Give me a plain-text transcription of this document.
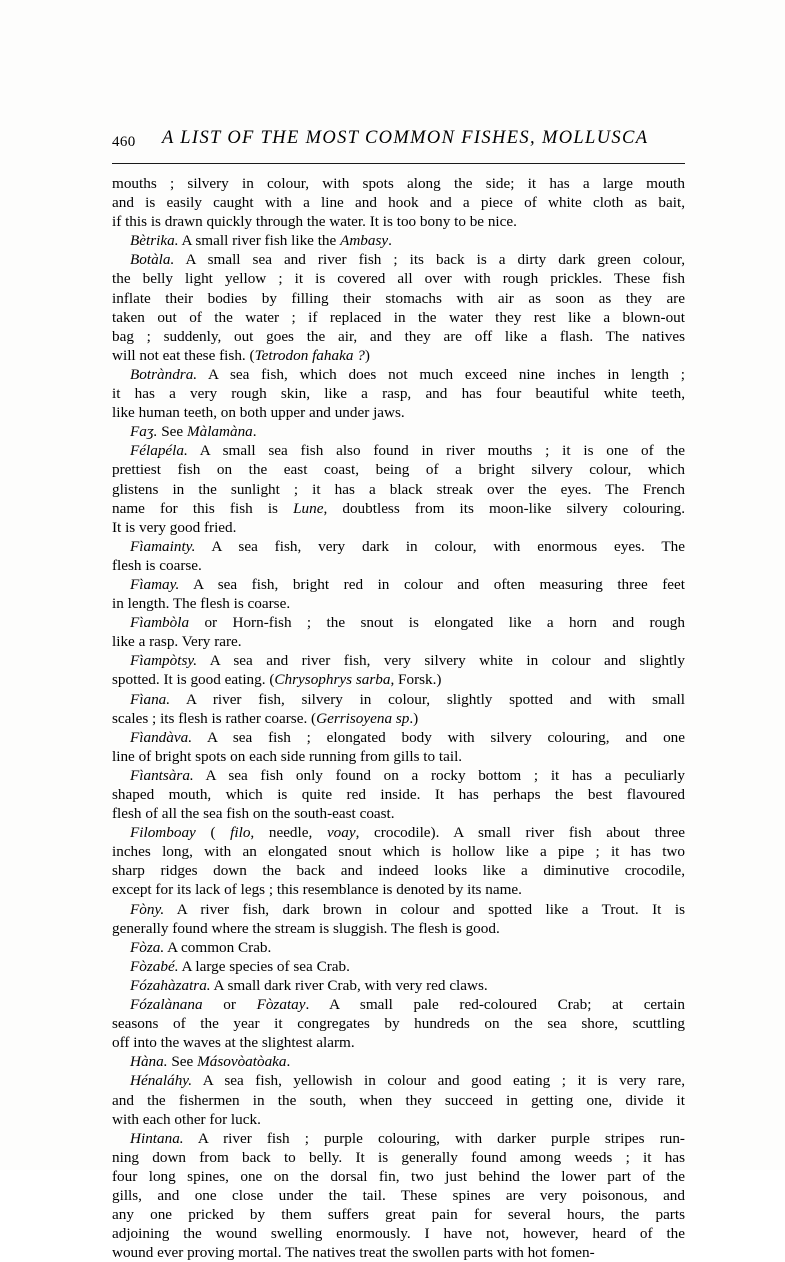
460 A LIST OF THE MOST COMMON FISHES, MOLLUSCA

mouths ; silvery in colour, with spots along the side; it has a large mouth

and is easily caught with a line and hook and a piece of white cloth as bait,

if this is drawn quickly through the water. It is too bony to be nice.

Bètrika. A small river fish like the Ambasy.

Botàla. A small sea and river fish ; its back is a dirty dark green colour,

the belly light yellow ; it is covered all over with rough prickles. These fish

inflate their bodies by filling their stomachs with air as soon as they are

taken out of the water ; if replaced in the water they rest like a blown-out

bag ; suddenly, out goes the air, and they are off like a flash. The natives

will not eat these fish. (Tetrodon fahaka ?)

Botràndra. A sea fish, which does not much exceed nine inches in length ;

it has a very rough skin, like a rasp, and has four beautiful white teeth,

like human teeth, on both upper and under jaws.

Faʒ. See Màlamàna.

Félapéla. A small sea fish also found in river mouths ; it is one of the

prettiest fish on the east coast, being of a bright silvery colour, which

glistens in the sunlight ; it has a black streak over the eyes. The French

name for this fish is Lune, doubtless from its moon-like silvery colouring.

It is very good fried.

Fìamainty. A sea fish, very dark in colour, with enormous eyes. The

flesh is coarse.

Fìamay. A sea fish, bright red in colour and often measuring three feet

in length. The flesh is coarse.

Fìambòla or Horn-fish ; the snout is elongated like a horn and rough

like a rasp. Very rare.

Fìampòtsy. A sea and river fish, very silvery white in colour and slightly

spotted. It is good eating. (Chrysophrys sarba, Forsk.)

Fìana. A river fish, silvery in colour, slightly spotted and with small

scales ; its flesh is rather coarse. (Gerrisoyena sp.)

Fìandàva. A sea fish ; elongated body with silvery colouring, and one

line of bright spots on each side running from gills to tail.

Fìantsàra. A sea fish only found on a rocky bottom ; it has a peculiarly

shaped mouth, which is quite red inside. It has perhaps the best flavoured

flesh of all the sea fish on the south-east coast.

Filomboay ( filo, needle, voay, crocodile). A small river fish about three

inches long, with an elongated snout which is hollow like a pipe ; it has two

sharp ridges down the back and indeed looks like a diminutive crocodile,

except for its lack of legs ; this resemblance is denoted by its name.

Fòny. A river fish, dark brown in colour and spotted like a Trout. It is

generally found where the stream is sluggish. The flesh is good.

Fòza. A common Crab.

Fòzabé. A large species of sea Crab.

Fózahàzatra. A small dark river Crab, with very red claws.

Fózalànana or Fòzatay. A small pale red-coloured Crab; at certain

seasons of the year it congregates by hundreds on the sea shore, scuttling

off into the waves at the slightest alarm.

Hàna. See Másovòatòaka.

Hénaláhy. A sea fish, yellowish in colour and good eating ; it is very rare,

and the fishermen in the south, when they succeed in getting one, divide it

with each other for luck.

Hintana. A river fish ; purple colouring, with darker purple stripes run-

ning down from back to belly. It is generally found among weeds ; it has

four long spines, one on the dorsal fin, two just behind the lower part of the

gills, and one close under the tail. These spines are very poisonous, and

any one pricked by them suffers great pain for several hours, the parts

adjoining the wound swelling enormously. I have not, however, heard of the

wound ever proving mortal. The natives treat the swollen parts with hot fomen-
